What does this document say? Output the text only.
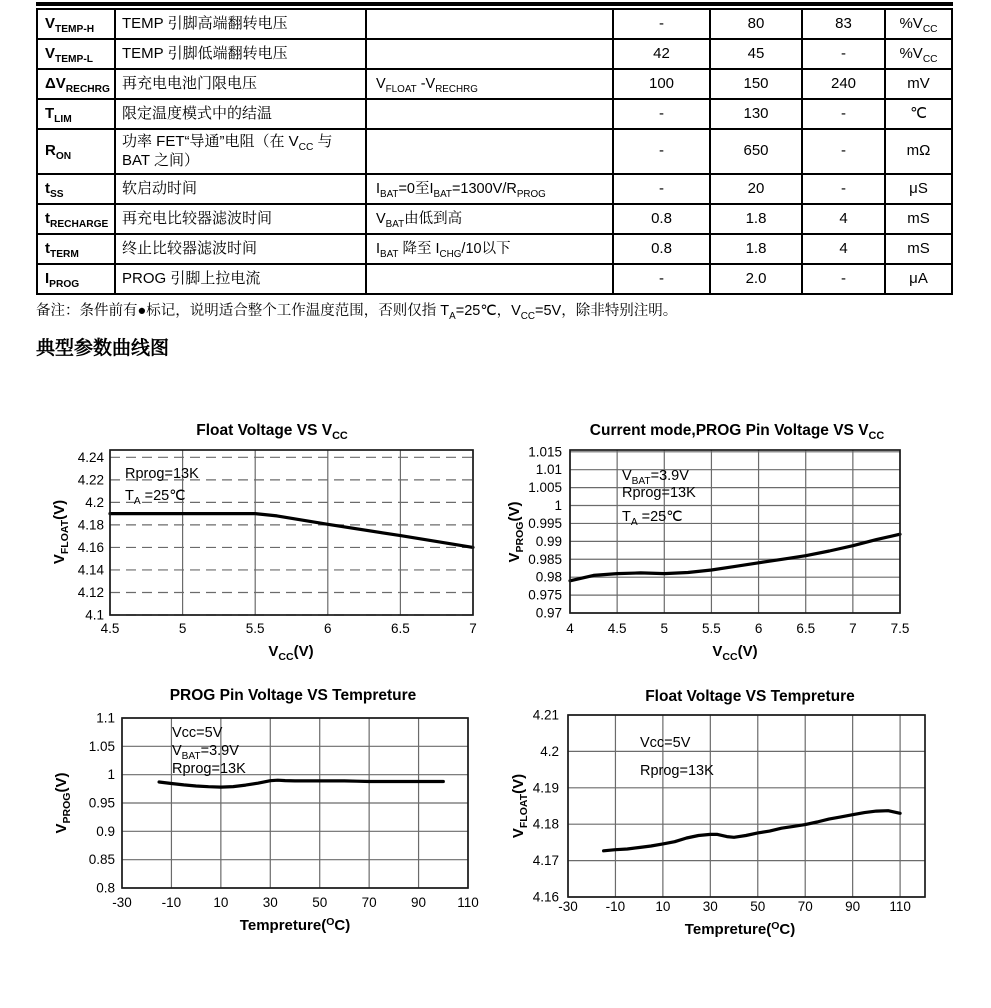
$V_{TEMP-H}$	TEMP 引脚高端翻转电压		-	80	83	$\%V_{CC}$
$V_{TEMP-L}$	TEMP 引脚低端翻转电压		42	45	-	$\%V_{CC}$
$\Delta V_{RECHRG}$	再充电电池门限电压	$V_{FLOAT}$ $-V_{RECHRG}$	100	150	240	mV
$T_{LIM}$	限定温度模式中的结温		-	130	-	℃
$R_{ON}$	功率 FET“导通”电阻（在 $V_{CC}$ 与 BAT 之间）		-	650	-	mΩ
$t_{SS}$	软启动时间	$I_{BAT}=0$至$I_{BAT}=1300V/R_{PROG}$	-	20	-	μS
$t_{RECHARGE}$	再充电比较器滤波时间	$V_{BAT}$由低到高	0.8	1.8	4	mS
$t_{TERM}$	终止比较器滤波时间	$I_{BAT}$ 降至 $I_{CHG}/10$以下	0.8	1.8	4	mS
$I_{PROG}$	PROG 引脚上拉电流		-	2.0	-	μA

备注：条件前有●标记，说明适合整个工作温度范围，否则仅指 $T_A=25℃$，$V_{CC}=5V$，除非特别注明。

典型参数曲线图
4.1
4.12
4.14
4.16
4.18
4.2
4.22
4.24
4.5	5	5.5	6	6.5	7
Float Voltage VS $V_{CC}$
$V_{CC}(V)$
$V_{FLOAT}(V)$
Rprog=13K
$T_A$ =25℃
0.97
0.975
0.98
0.985
0.99
0.995
1
1.005
1.01
1.015
4	4.5	5	5.5	6	6.5	7	7.5
Current mode,PROG Pin Voltage VS $V_{CC}$
$V_{CC}(V)$
$V_{PROG}(V)$
$V_{BAT}=3.9V$
Rprog=13K
$T_A$ =25℃
0.8
0.85
0.9
0.95
1
1.05
1.1
-30 -10 10	30	50	70	90 110
PROG Pin Voltage VS Tempreture
Tempreture($^O$C)
$V_{PROG}(V)$
Vcc=5V
$V_{BAT}=3.9V$
Rprog=13K
4.16
4.17
4.18
4.19
4.2
4.21
-30 -10 10 30 50 70 90 110
Float Voltage VS Tempreture
Tempreture($^O$C)
$V_{FLOAT}(V)$
Vcc=5V
Rprog=13K
